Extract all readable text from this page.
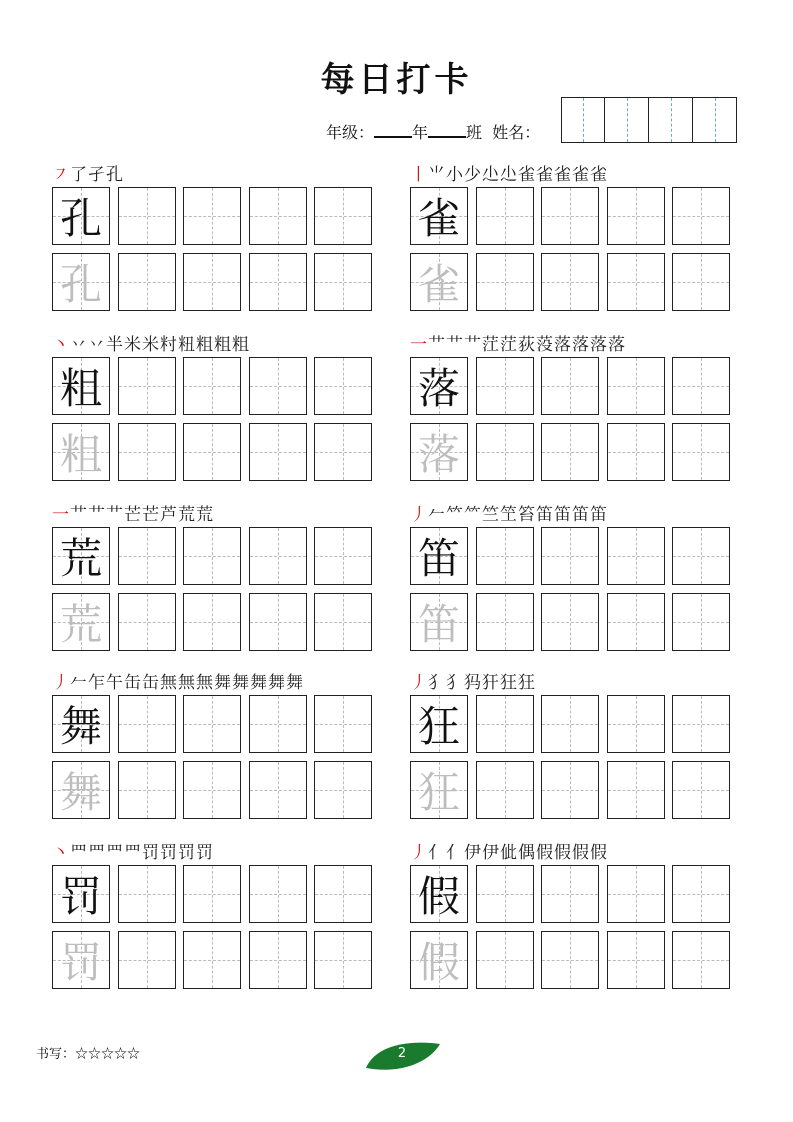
每日打卡
年级： 年 班 姓名：
㇇了孑孔
孔
孔
丨⺌小少尐尐雀雀雀雀雀
雀
雀
丶丷丷半米米籿粈粗粗粗
粗
粗
一艹艹艹茳茳荻莈落落落落
落
落
一艹艹艹芒芒芦荒荒
荒
荒
丿𠂉𥫗⺮竺笁笞笛笛笛笛
笛
笛
丿𠂉乍午缶缶無無無舞舞舞舞舞
舞
舞
丿犭犭犸犴狂狂
狂
狂
丶罒罒罒罒罚罚罚罚
罚
罚
丿亻亻伊伊佌偶假假假假
假
假
书写：☆☆☆☆☆	2
